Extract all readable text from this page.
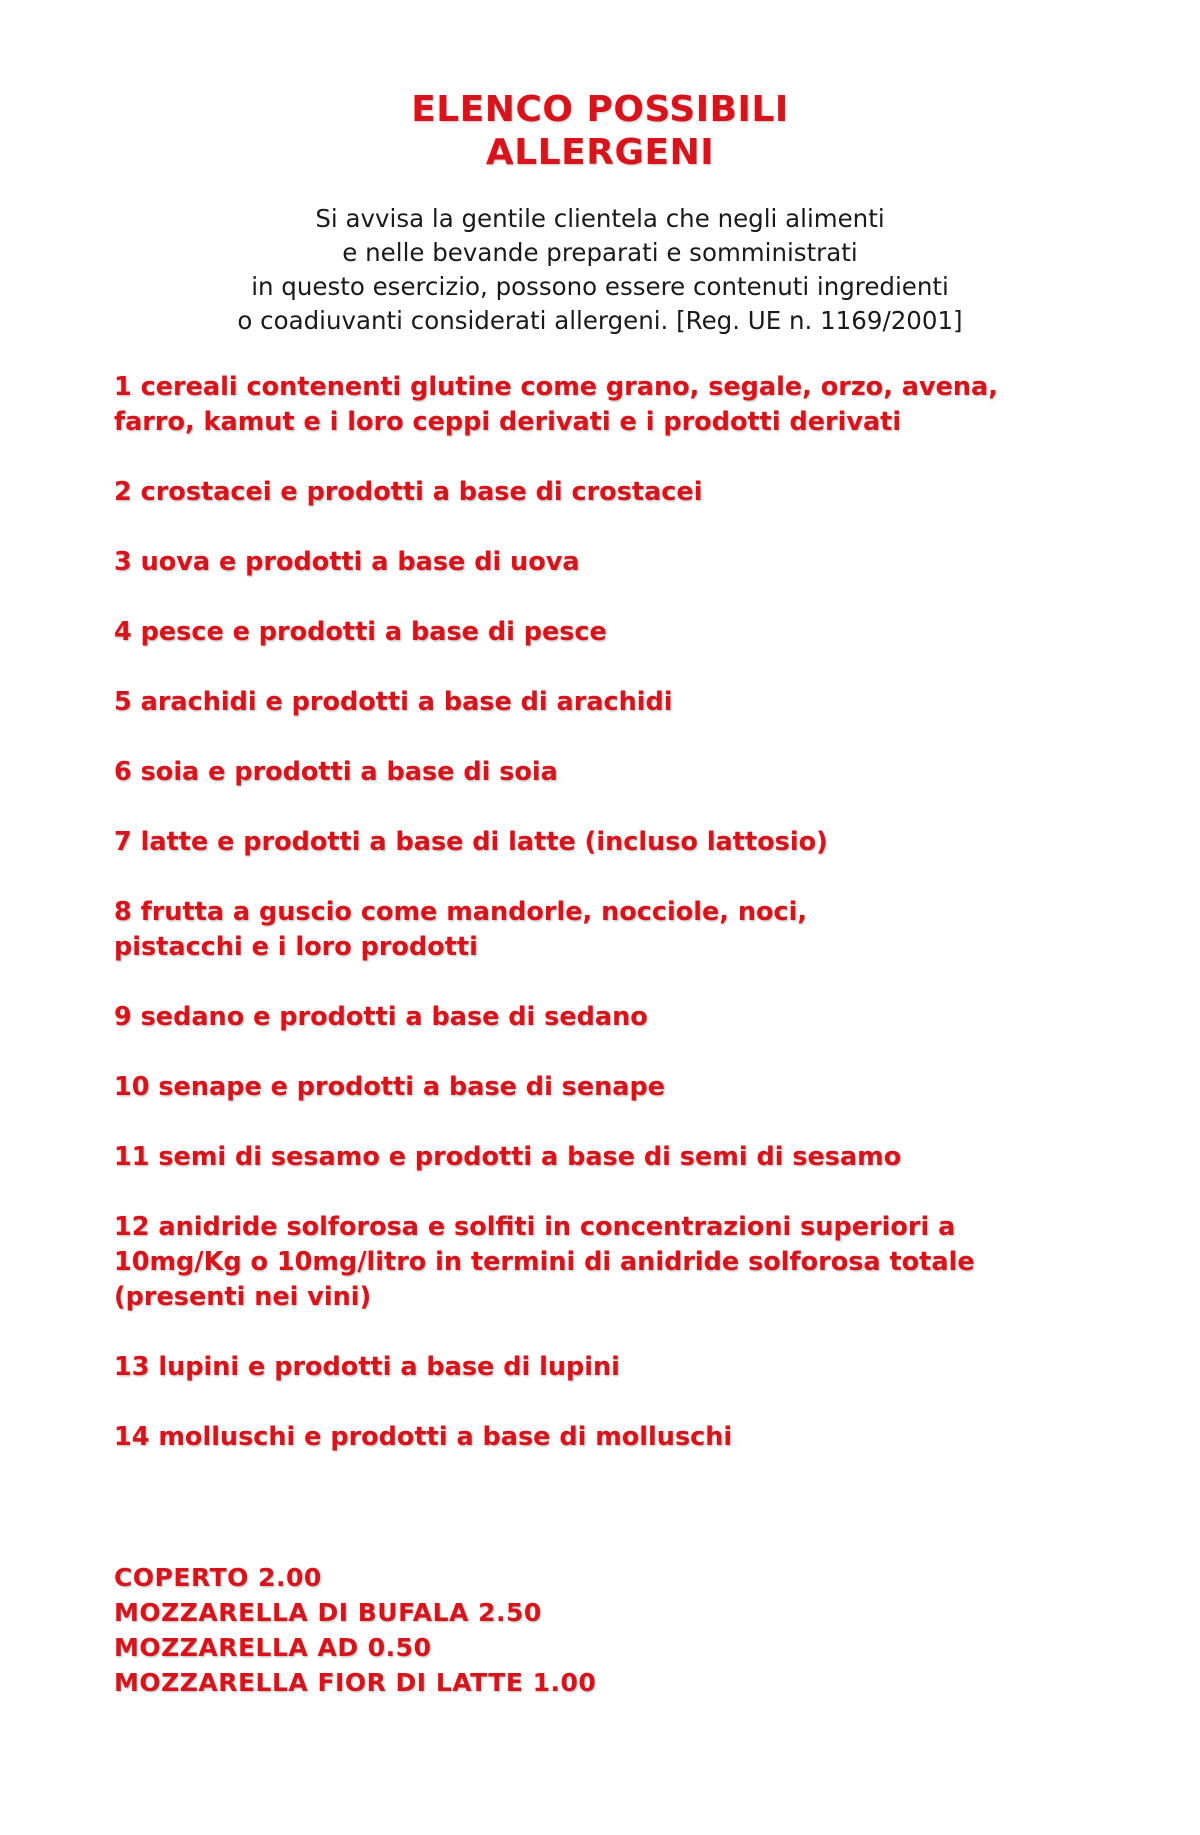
ELENCO POSSIBILI
ALLERGENI

Si avvisa la gentile clientela che negli alimenti
e nelle bevande preparati e somministrati
in questo esercizio, possono essere contenuti ingredienti
o coadiuvanti considerati allergeni. [Reg. UE n. 1169/2001]

1 cereali contenenti glutine come grano, segale, orzo, avena,
farro, kamut e i loro ceppi derivati e i prodotti derivati
2 crostacei e prodotti a base di crostacei
3 uova e prodotti a base di uova
4 pesce e prodotti a base di pesce
5 arachidi e prodotti a base di arachidi
6 soia e prodotti a base di soia
7 latte e prodotti a base di latte (incluso lattosio)
8 frutta a guscio come mandorle, nocciole, noci,
pistacchi e i loro prodotti
9 sedano e prodotti a base di sedano
10 senape e prodotti a base di senape
11 semi di sesamo e prodotti a base di semi di sesamo
12 anidride solforosa e solfiti in concentrazioni superiori a
10mg/Kg o 10mg/litro in termini di anidride solforosa totale
(presenti nei vini)
13 lupini e prodotti a base di lupini
14 molluschi e prodotti a base di molluschi
COPERTO 2.00
MOZZARELLA DI BUFALA 2.50
MOZZARELLA AD 0.50
MOZZARELLA FIOR DI LATTE 1.00
